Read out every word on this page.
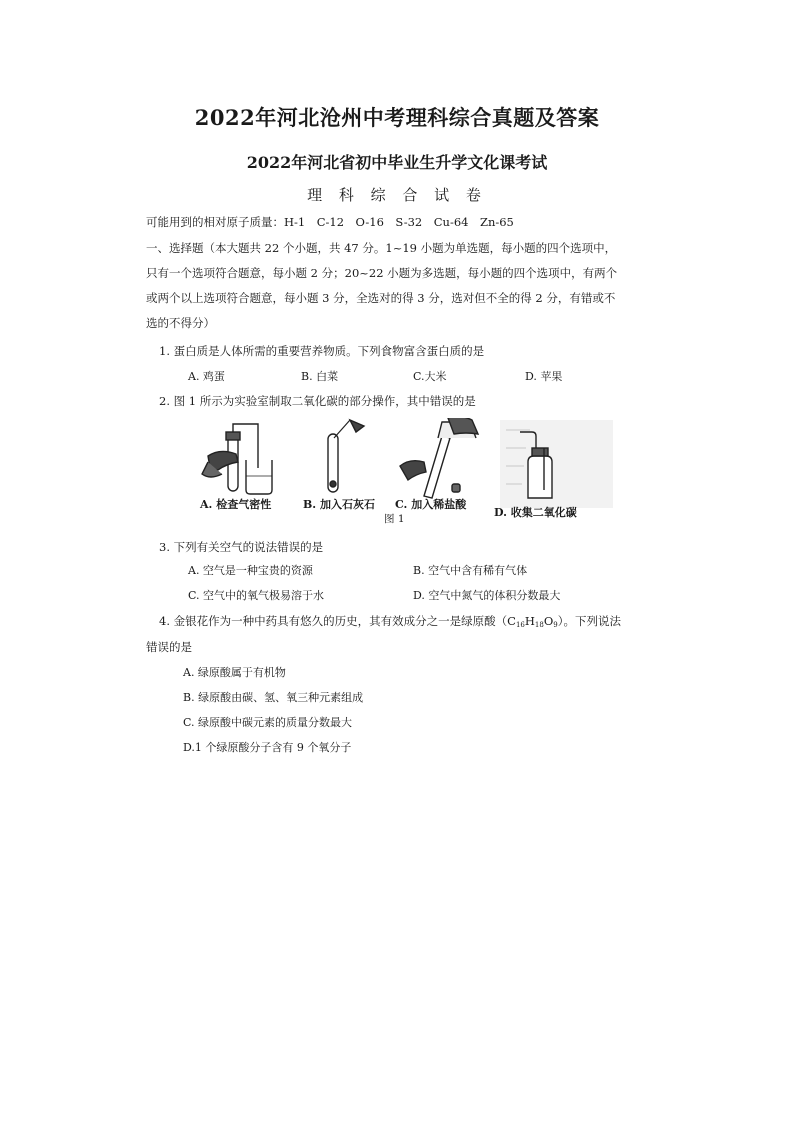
2022年河北沧州中考理科综合真题及答案
2022年河北省初中毕业生升学文化课考试
理 科 综 合 试 卷
可能用到的相对原子质量：H-1　C-12　O-16　S-32　Cu-64　Zn-65
一、选择题（本大题共 22 个小题，共 47 分。1~19 小题为单选题，每小题的四个选项中，
只有一个选项符合题意，每小题 2 分；20~22 小题为多选题，每小题的四个选项中，有两个
或两个以上选项符合题意，每小题 3 分，全选对的得 3 分，选对但不全的得 2 分，有错或不
选的不得分）
1. 蛋白质是人体所需的重要营养物质。下列食物富含蛋白质的是
A. 鸡蛋	B. 白菜	C.大米	D. 苹果
2. 图 1 所示为实验室制取二氧化碳的部分操作，其中错误的是
A. 检查气密性	B. 加入石灰石 C. 加入稀盐酸
D. 收集二氧化碳
图 1
3. 下列有关空气的说法错误的是
A. 空气是一种宝贵的资源	B. 空气中含有稀有气体
C. 空气中的氧气极易溶于水	D. 空气中氮气的体积分数最大
4. 金银花作为一种中药具有悠久的历史，其有效成分之一是绿原酸$(C_{16}H_{18}O_9)$。下列说法
错误的是
A. 绿原酸属于有机物
B. 绿原酸由碳、氢、氧三种元素组成
C. 绿原酸中碳元素的质量分数最大
D.1 个绿原酸分子含有 9 个氧分子
